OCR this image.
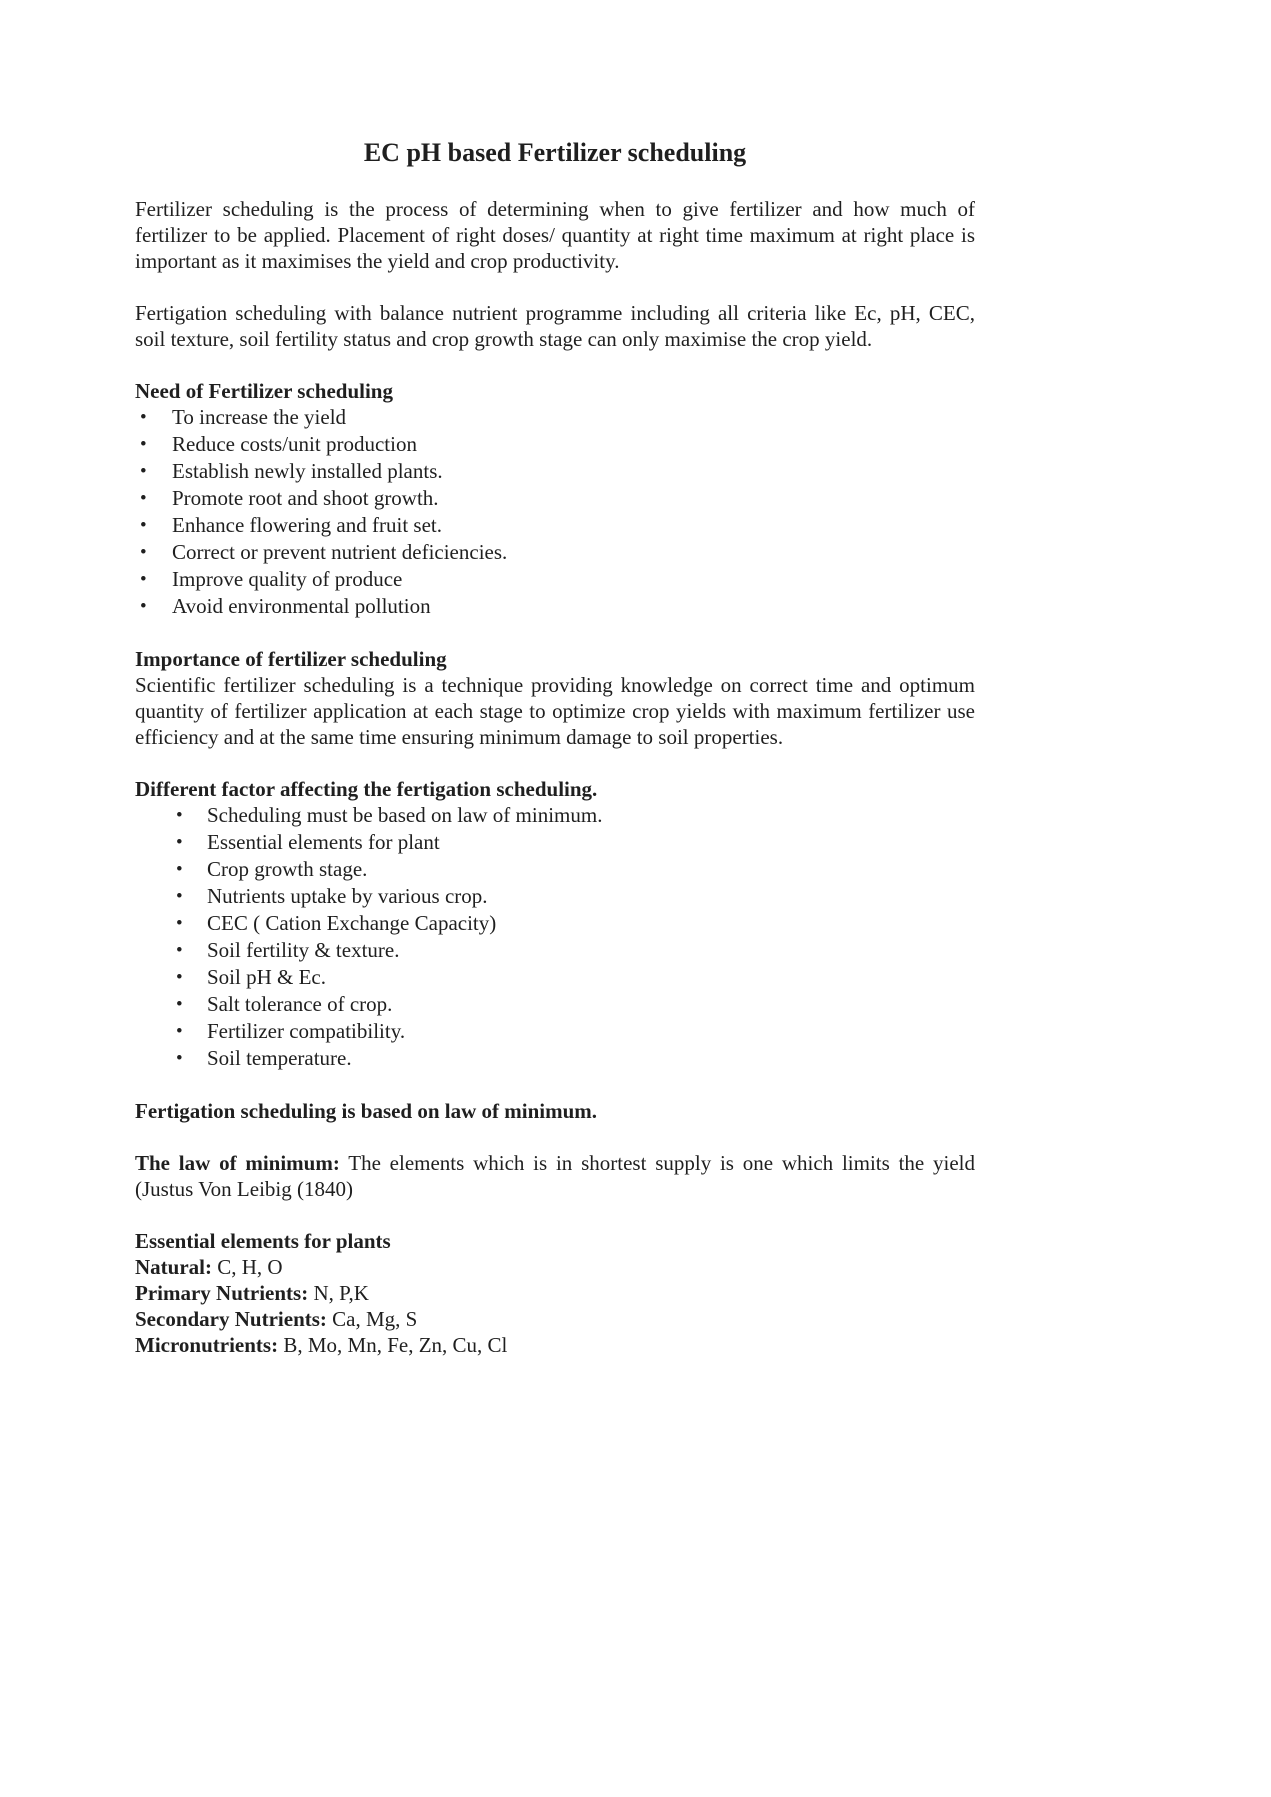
EC pH based Fertilizer scheduling

Fertilizer scheduling is the process of determining when to give fertilizer and how much of fertilizer to be applied. Placement of right doses/ quantity at right time maximum at right place is important as it maximises the yield and crop productivity.

Fertigation scheduling with balance nutrient programme including all criteria like Ec, pH, CEC, soil texture, soil fertility status and crop growth stage can only maximise the crop yield.

Need of Fertilizer scheduling
• To increase the yield
• Reduce costs/unit production
• Establish newly installed plants.
• Promote root and shoot growth.
• Enhance flowering and fruit set.
• Correct or prevent nutrient deficiencies.
• Improve quality of produce
• Avoid environmental pollution
Importance of fertilizer scheduling

Scientific fertilizer scheduling is a technique providing knowledge on correct time and optimum quantity of fertilizer application at each stage to optimize crop yields with maximum fertilizer use efficiency and at the same time ensuring minimum damage to soil properties.

Different factor affecting the fertigation scheduling.
• Scheduling must be based on law of minimum.
• Essential elements for plant
• Crop growth stage.
• Nutrients uptake by various crop.
• CEC ( Cation Exchange Capacity)
• Soil fertility & texture.
• Soil pH & Ec.
• Salt tolerance of crop.
• Fertilizer compatibility.
• Soil temperature.
Fertigation scheduling is based on law of minimum.

The law of minimum: The elements which is in shortest supply is one which limits the yield (Justus Von Leibig (1840)

Essential elements for plants
Natural: C, H, O
Primary Nutrients: N, P,K
Secondary Nutrients: Ca, Mg, S
Micronutrients: B, Mo, Mn, Fe, Zn, Cu, Cl
